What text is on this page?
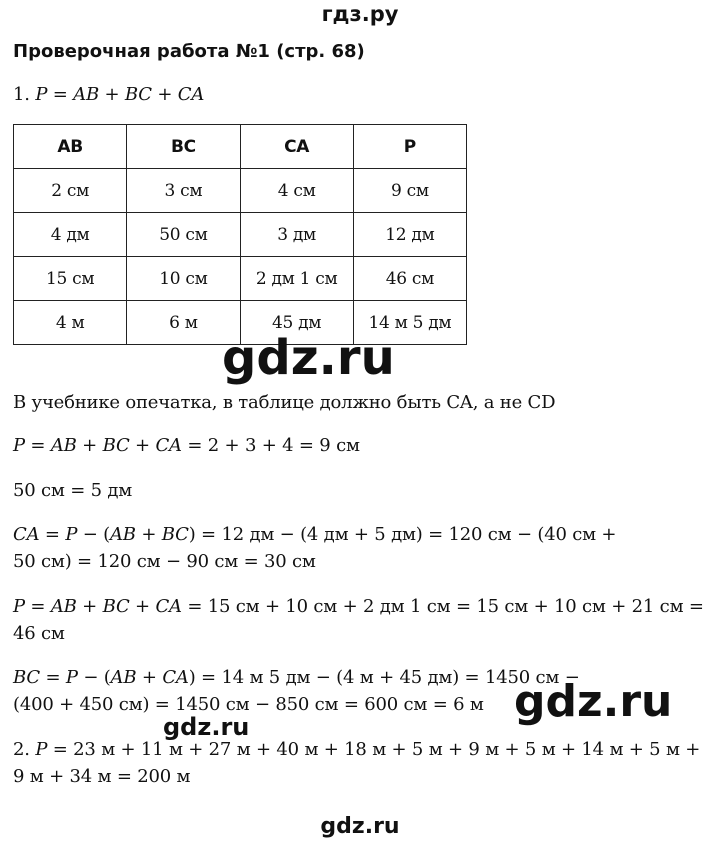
гдз.ру
Проверочная работа №1 (стр. 68)
1. P = AB + BC + CA
AB	BC	CA	P
2 см	3 см	4 см	9 см
4 дм	50 см	3 дм	12 дм
15 см	10 см	2 дм 1 см	46 см
4 м	6 м	45 дм	14 м 5 дм
gdz.ru
В учебнике опечатка, в таблице должно быть CA, а не CD
P = AB + BC + CA = 2 + 3 + 4 = 9 см
50 см = 5 дм
CA = P − (AB + BC) = 12 дм − (4 дм + 5 дм) = 120 см − (40 см +
50 см) = 120 см − 90 см = 30 см
P = AB + BC + CA = 15 см + 10 см + 2 дм 1 см = 15 см + 10 см + 21 см =
46 см
BC = P − (AB + CA) = 14 м 5 дм − (4 м + 45 дм) = 1450 см −
(400 + 450 см) = 1450 см − 850 см = 600 см = 6 м gdz.ru
gdz.ru
2. P = 23 м + 11 м + 27 м + 40 м + 18 м + 5 м + 9 м + 5 м + 14 м + 5 м +
9 м + 34 м = 200 м
gdz.ru
